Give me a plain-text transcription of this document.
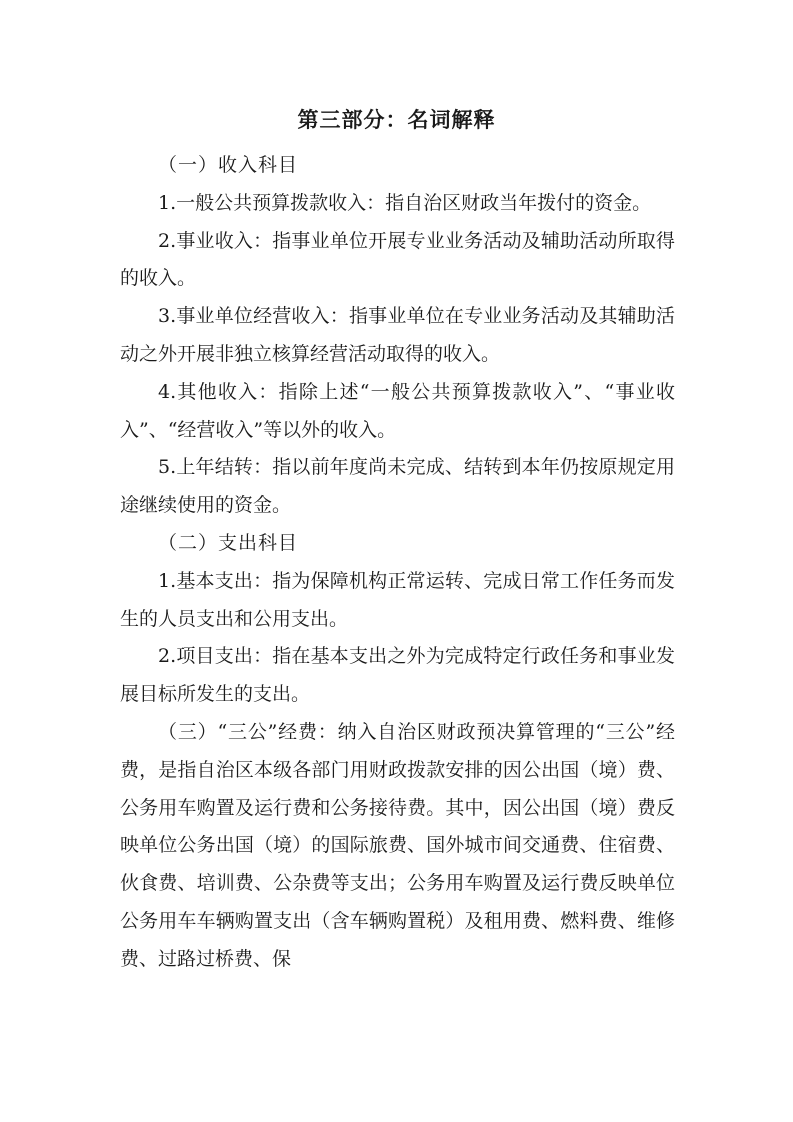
第三部分：名词解释

（一）收入科目

1.一般公共预算拨款收入：指自治区财政当年拨付的资金。

2.事业收入：指事业单位开展专业业务活动及辅助活动所取得的收入。

3.事业单位经营收入：指事业单位在专业业务活动及其辅助活动之外开展非独立核算经营活动取得的收入。

4.其他收入：指除上述“一般公共预算拨款收入”、“事业收入”、“经营收入”等以外的收入。

5.上年结转：指以前年度尚未完成、结转到本年仍按原规定用途继续使用的资金。

（二）支出科目

1.基本支出：指为保障机构正常运转、完成日常工作任务而发生的人员支出和公用支出。

2.项目支出：指在基本支出之外为完成特定行政任务和事业发展目标所发生的支出。

（三）“三公”经费：纳入自治区财政预决算管理的“三公”经费，是指自治区本级各部门用财政拨款安排的因公出国（境）费、公务用车购置及运行费和公务接待费。其中，因公出国（境）费反映单位公务出国（境）的国际旅费、国外城市间交通费、住宿费、伙食费、培训费、公杂费等支出；公务用车购置及运行费反映单位公务用车车辆购置支出（含车辆购置税）及租用费、燃料费、维修费、过路过桥费、保
